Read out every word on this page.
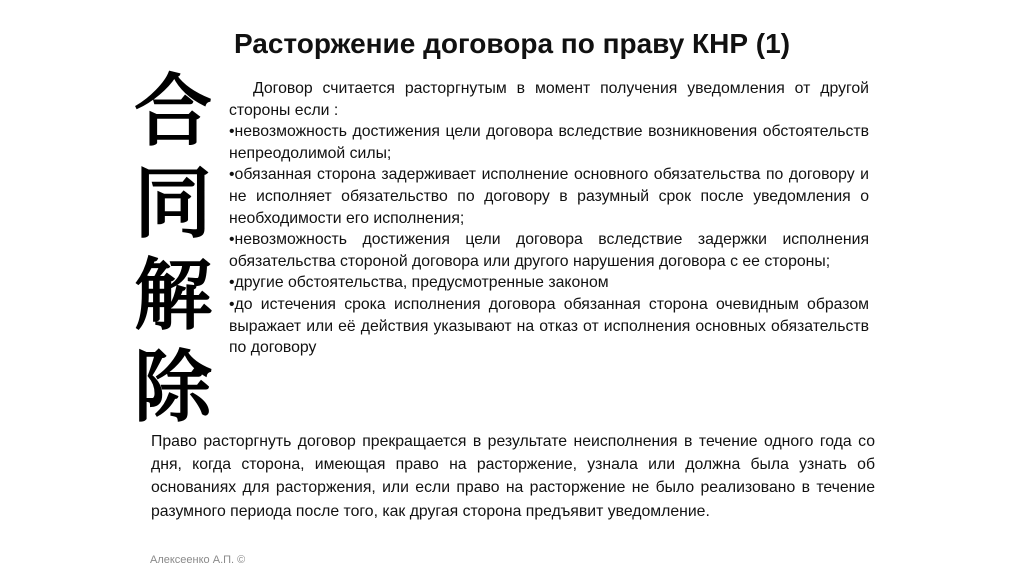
Расторжение договора по праву КНР (1)
合
同
解
除

Договор считается расторгнутым в момент получения уведомления от другой стороны если :

•невозможность достижения цели договора вследствие возникновения обстоятельств непреодолимой силы;

•обязанная сторона задерживает исполнение основного обязательства по договору и не исполняет обязательство по договору в разумный срок после уведомления о необходимости его исполнения;

•невозможность достижения цели договора вследствие задержки исполнения обязательства стороной договора или другого нарушения договора с ее стороны;

•другие обстоятельства, предусмотренные законом

•до истечения срока исполнения договора обязанная сторона очевидным образом выражает или её действия указывают на отказ от исполнения основных обязательств по договору

Право расторгнуть договор прекращается в результате неисполнения в течение одного года со дня, когда сторона, имеющая право на расторжение, узнала или должна была узнать об основаниях для расторжения, или если право на расторжение не было реализовано в течение разумного периода после того, как другая сторона предъявит уведомление.

Алексеенко А.П. ©
